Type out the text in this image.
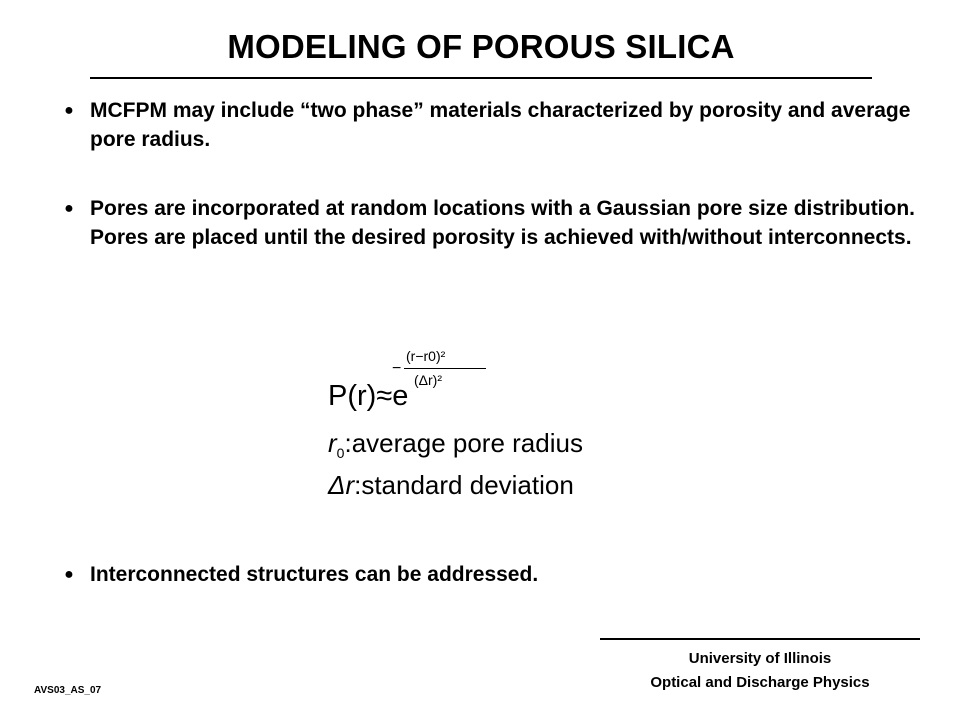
MODELING OF POROUS SILICA
● MCFPM may include “two phase” materials characterized by porosity and average pore radius.
● Pores are incorporated at random locations with a Gaussian pore size distribution. Pores are placed until the desired porosity is achieved with/without interconnects.
−
(r−r0)²
(Δr)²
P(r)≈e
$r_0:average$ pore radius
Δr:standard deviation
● Interconnected structures can be addressed.
University of Illinois
Optical and Discharge Physics
AVS03_AS_07
